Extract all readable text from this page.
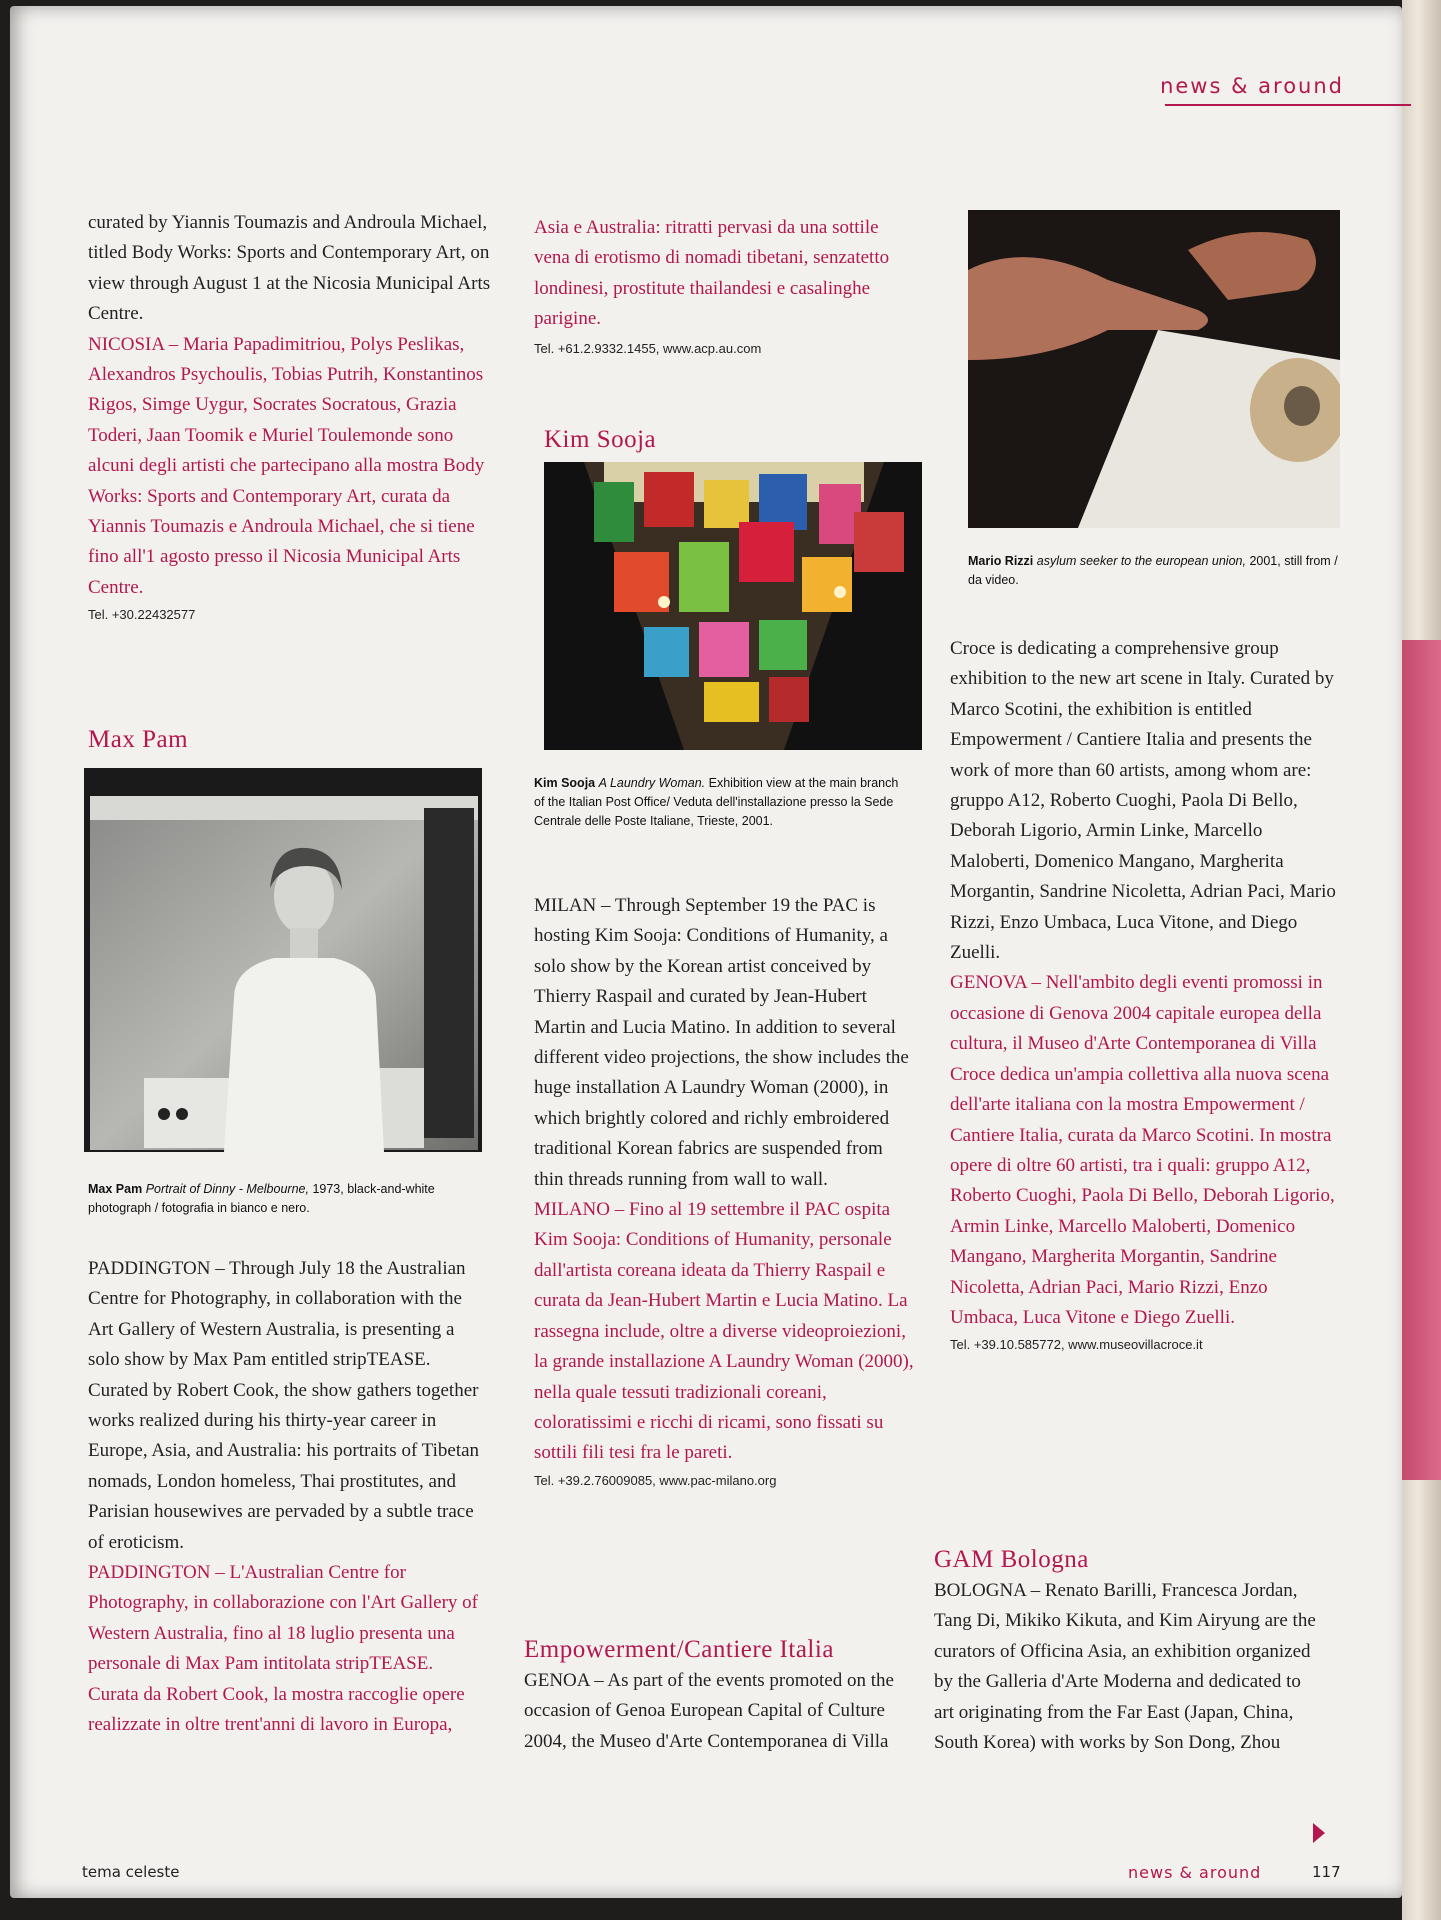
news & around

curated by Yiannis Toumazis and Androula Michael, titled Body Works: Sports and Contemporary Art, on view through August 1 at the Nicosia Municipal Arts Centre.

NICOSIA – Maria Papadimitriou, Polys Peslikas, Alexandros Psychoulis, Tobias Putrih, Konstantinos Rigos, Simge Uygur, Socrates Socratous, Grazia Toderi, Jaan Toomik e Muriel Toulemonde sono alcuni degli artisti che partecipano alla mostra Body Works: Sports and Contemporary Art, curata da Yiannis Toumazis e Androula Michael, che si tiene fino all'1 agosto presso il Nicosia Municipal Arts Centre.

Tel. +30.22432577
Max Pam
Max Pam Portrait of Dinny - Melbourne, 1973, black-and-white photograph / fotografia in bianco e nero.

PADDINGTON – Through July 18 the Australian Centre for Photography, in collaboration with the Art Gallery of Western Australia, is presenting a solo show by Max Pam entitled stripTEASE. Curated by Robert Cook, the show gathers together works realized during his thirty-year career in Europe, Asia, and Australia: his portraits of Tibetan nomads, London homeless, Thai prostitutes, and Parisian housewives are pervaded by a subtle trace of eroticism.

PADDINGTON – L'Australian Centre for Photography, in collaborazione con l'Art Gallery of Western Australia, fino al 18 luglio presenta una personale di Max Pam intitolata stripTEASE. Curata da Robert Cook, la mostra raccoglie opere realizzate in oltre trent'anni di lavoro in Europa,

Asia e Australia: ritratti pervasi da una sottile vena di erotismo di nomadi tibetani, senzatetto londinesi, prostitute thailandesi e casalinghe parigine.

Tel. +61.2.9332.1455, www.acp.au.com
Kim Sooja
Kim Sooja A Laundry Woman. Exhibition view at the main branch of the Italian Post Office/ Veduta dell'installazione presso la Sede Centrale delle Poste Italiane, Trieste, 2001.

MILAN – Through September 19 the PAC is hosting Kim Sooja: Conditions of Humanity, a solo show by the Korean artist conceived by Thierry Raspail and curated by Jean-Hubert Martin and Lucia Matino. In addition to several different video projections, the show includes the huge installation A Laundry Woman (2000), in which brightly colored and richly embroidered traditional Korean fabrics are suspended from thin threads running from wall to wall.

MILANO – Fino al 19 settembre il PAC ospita Kim Sooja: Conditions of Humanity, personale dall'artista coreana ideata da Thierry Raspail e curata da Jean-Hubert Martin e Lucia Matino. La rassegna include, oltre a diverse videoproiezioni, la grande installazione A Laundry Woman (2000), nella quale tessuti tradizionali coreani, coloratissimi e ricchi di ricami, sono fissati su sottili fili tesi fra le pareti.

Tel. +39.2.76009085, www.pac-milano.org
Empowerment/Cantiere Italia

GENOA – As part of the events promoted on the occasion of Genoa European Capital of Culture 2004, the Museo d'Arte Contemporanea di Villa

Mario Rizzi asylum seeker to the european union, 2001, still from / da video.

Croce is dedicating a comprehensive group exhibition to the new art scene in Italy. Curated by Marco Scotini, the exhibition is entitled Empowerment / Cantiere Italia and presents the work of more than 60 artists, among whom are: gruppo A12, Roberto Cuoghi, Paola Di Bello, Deborah Ligorio, Armin Linke, Marcello Maloberti, Domenico Mangano, Margherita Morgantin, Sandrine Nicoletta, Adrian Paci, Mario Rizzi, Enzo Umbaca, Luca Vitone, and Diego Zuelli.

GENOVA – Nell'ambito degli eventi promossi in occasione di Genova 2004 capitale europea della cultura, il Museo d'Arte Contemporanea di Villa Croce dedica un'ampia collettiva alla nuova scena dell'arte italiana con la mostra Empowerment / Cantiere Italia, curata da Marco Scotini. In mostra opere di oltre 60 artisti, tra i quali: gruppo A12, Roberto Cuoghi, Paola Di Bello, Deborah Ligorio, Armin Linke, Marcello Maloberti, Domenico Mangano, Margherita Morgantin, Sandrine Nicoletta, Adrian Paci, Mario Rizzi, Enzo Umbaca, Luca Vitone e Diego Zuelli.

Tel. +39.10.585772, www.museovillacroce.it
GAM Bologna

BOLOGNA – Renato Barilli, Francesca Jordan, Tang Di, Mikiko Kikuta, and Kim Airyung are the curators of Officina Asia, an exhibition organized by the Galleria d'Arte Moderna and dedicated to art originating from the Far East (Japan, China, South Korea) with works by Son Dong, Zhou

tema celeste	news & around	117
